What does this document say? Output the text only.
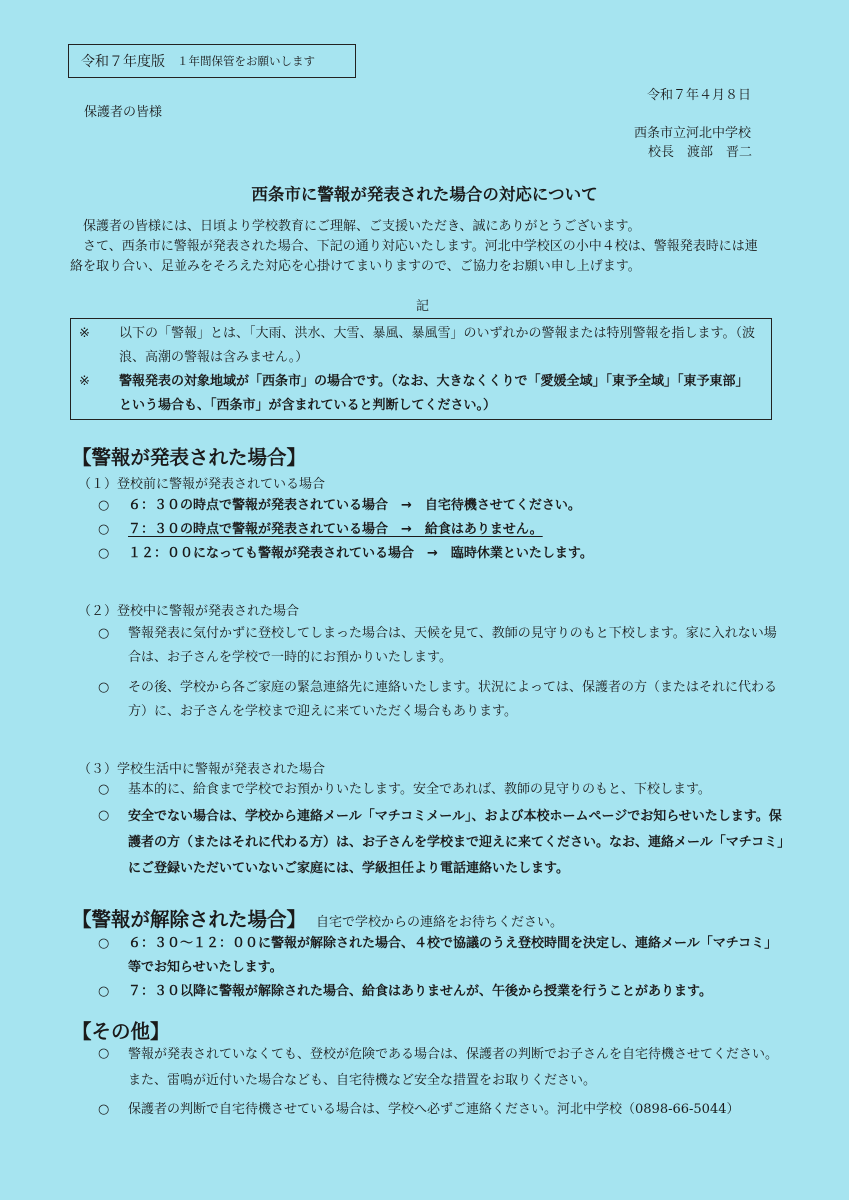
令和７年度版 １年間保管をお願いします
令和７年４月８日
保護者の皆様
西条市立河北中学校
校長　渡部　晋二
西条市に警報が発表された場合の対応について
保護者の皆様には、日頃より学校教育にご理解、ご支援いただき、誠にありがとうございます。
さて、西条市に警報が発表された場合、下記の通り対応いたします。河北中学校区の小中４校は、警報発表時には連絡を取り合い、足並みをそろえた対応を心掛けてまいりますので、ご協力をお願い申し上げます。
記
※	以下の「警報」とは、「大雨、洪水、大雪、暴風、暴風雪」のいずれかの警報または特別警報を指します。（波浪、高潮の警報は含みません。）
※	警報発表の対象地域が「西条市」の場合です。（なお、大きなくくりで「愛媛全域」「東予全域」「東予東部」という場合も、「西条市」が含まれていると判断してください。）
【警報が発表された場合】
（１）登校前に警報が発表されている場合
○	６：３０の時点で警報が発表されている場合　→　自宅待機させてください。
○	７：３０の時点で警報が発表されている場合　→　給食はありません。
○	１２：００になっても警報が発表されている場合　→　臨時休業といたします。
（２）登校中に警報が発表された場合
○	警報発表に気付かずに登校してしまった場合は、天候を見て、教師の見守りのもと下校します。家に入れない場合は、お子さんを学校で一時的にお預かりいたします。
○	その後、学校から各ご家庭の緊急連絡先に連絡いたします。状況によっては、保護者の方（またはそれに代わる方）に、お子さんを学校まで迎えに来ていただく場合もあります。
（３）学校生活中に警報が発表された場合
○	基本的に、給食まで学校でお預かりいたします。安全であれば、教師の見守りのもと、下校します。
○	安全でない場合は、学校から連絡メール「マチコミメール」、および本校ホームページでお知らせいたします。保護者の方（またはそれに代わる方）は、お子さんを学校まで迎えに来てください。なお、連絡メール「マチコミ」にご登録いただいていないご家庭には、学級担任より電話連絡いたします。
【警報が解除された場合】 自宅で学校からの連絡をお待ちください。
○	６：３０～１２：００に警報が解除された場合、４校で協議のうえ登校時間を決定し、連絡メール「マチコミ」等でお知らせいたします。
○	７：３０以降に警報が解除された場合、給食はありませんが、午後から授業を行うことがあります。
【その他】
○	警報が発表されていなくても、登校が危険である場合は、保護者の判断でお子さんを自宅待機させてください。また、雷鳴が近付いた場合なども、自宅待機など安全な措置をお取りください。
○	保護者の判断で自宅待機させている場合は、学校へ必ずご連絡ください。河北中学校（0898-66-5044）
